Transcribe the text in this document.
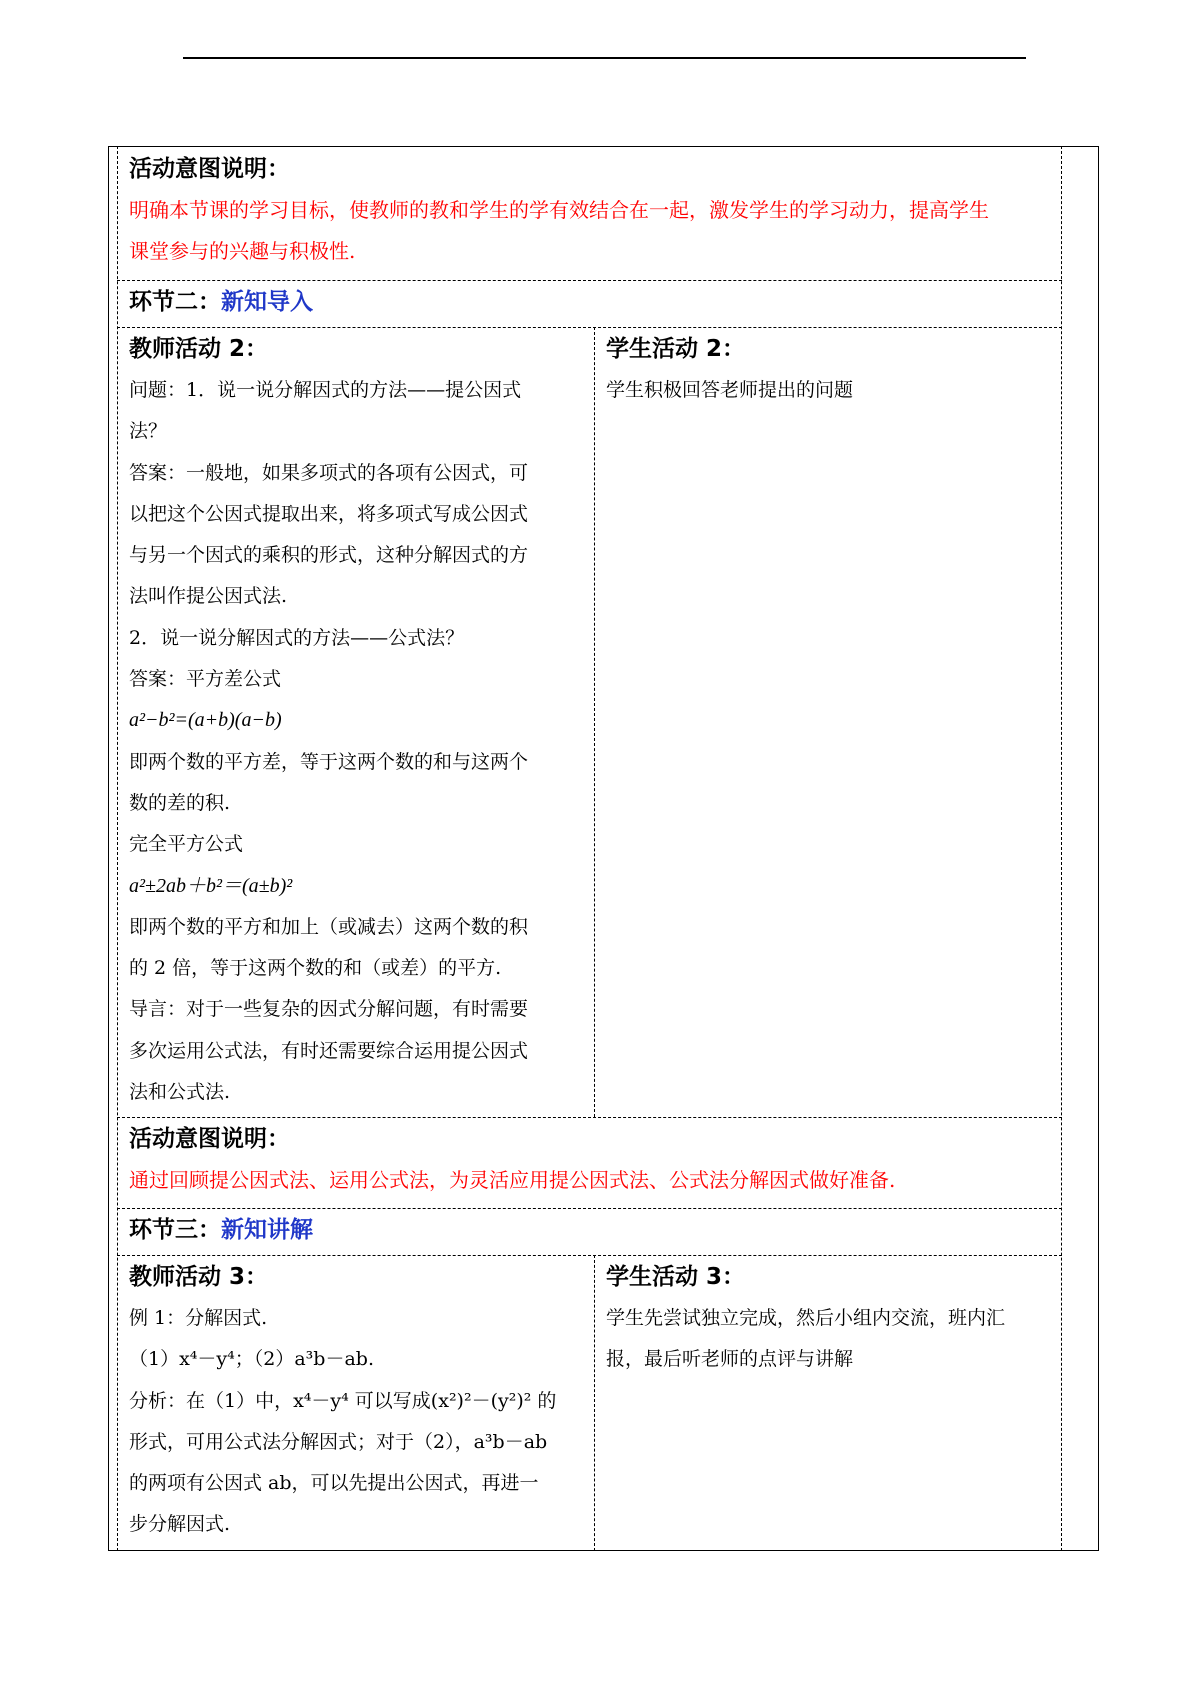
活动意图说明：
明确本节课的学习目标，使教师的教和学生的学有效结合在一起，激发学生的学习动力，提高学生
课堂参与的兴趣与积极性.
环节二：新知导入
教师活动 2：
问题：1．说一说分解因式的方法——提公因式
法？
答案：一般地，如果多项式的各项有公因式，可
以把这个公因式提取出来，将多项式写成公因式
与另一个因式的乘积的形式，这种分解因式的方
法叫作提公因式法.
2．说一说分解因式的方法——公式法？
答案：平方差公式
a²−b²=(a+b)(a−b)
即两个数的平方差，等于这两个数的和与这两个
数的差的积.
完全平方公式
a²±2ab＋b²＝(a±b)²
即两个数的平方和加上（或减去）这两个数的积
的 2 倍，等于这两个数的和（或差）的平方.
导言：对于一些复杂的因式分解问题，有时需要
多次运用公式法，有时还需要综合运用提公因式
法和公式法.
学生活动 2：
学生积极回答老师提出的问题
活动意图说明：
通过回顾提公因式法、运用公式法，为灵活应用提公因式法、公式法分解因式做好准备.
环节三：新知讲解
教师活动 3：
例 1：分解因式.
（1）x⁴－y⁴；（2）a³b－ab.
分析：在（1）中，x⁴－y⁴ 可以写成(x²)²－(y²)² 的
形式，可用公式法分解因式；对于（2），a³b－ab
的两项有公因式 ab，可以先提出公因式，再进一
步分解因式.
学生活动 3：
学生先尝试独立完成，然后小组内交流，班内汇
报，最后听老师的点评与讲解
